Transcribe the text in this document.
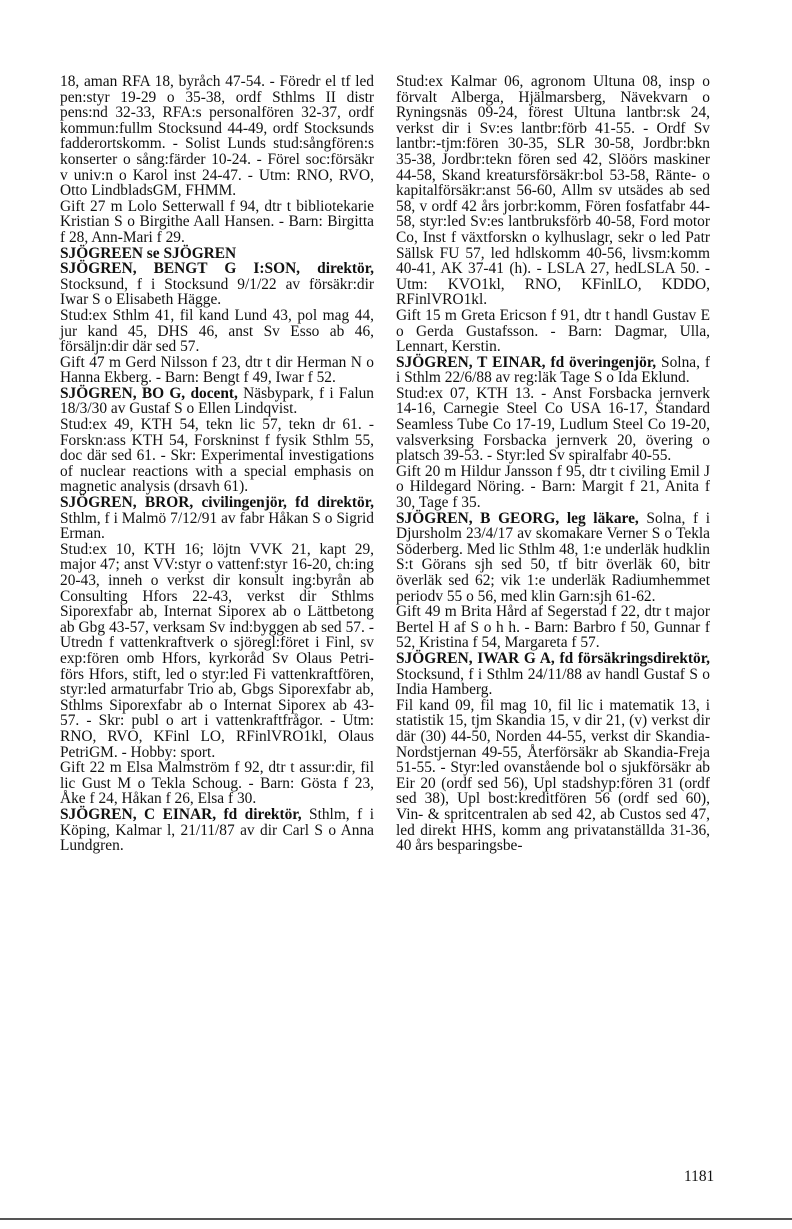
18, aman RFA 18, byråch 47-54. - Föredr el tf led pen:styr 19-29 o 35-38, ordf Sthlms II distr pens:nd 32-33, RFA:s personalfören 32-37, ordf kommun:fullm Stocksund 44-49, ordf Stocksunds fadderortskomm. - Solist Lunds stud:sångfören:s konserter o sång:färder 10-24. - Förel soc:försäkr v univ:n o Karol inst 24-47. - Utm: RNO, RVO, Otto LindbladsGM, FHMM.

Gift 27 m Lolo Setterwall f 94, dtr t bibliotekarie Kristian S o Birgithe Aall Hansen. - Barn: Birgitta f 28, Ann-Mari f 29.

SJÖGREEN se SJÖGREN

SJÖGREN, BENGT G I:SON, direktör, Stocksund, f i Stocksund 9/1/22 av försäkr:dir Iwar S o Elisabeth Hägge.

Stud:ex Sthlm 41, fil kand Lund 43, pol mag 44, jur kand 45, DHS 46, anst Sv Esso ab 46, försäljn:dir där sed 57.

Gift 47 m Gerd Nilsson f 23, dtr t dir Herman N o Hanna Ekberg. - Barn: Bengt f 49, Iwar f 52.

SJÖGREN, BO G, docent, Näsbypark, f i Falun 18/3/30 av Gustaf S o Ellen Lindqvist.

Stud:ex 49, KTH 54, tekn lic 57, tekn dr 61. - Forskn:ass KTH 54, Forskninst f fysik Sthlm 55, doc där sed 61. - Skr: Experimental investigations of nuclear reactions with a special emphasis on magnetic analysis (drsavh 61).

SJÖGREN, BROR, civilingenjör, fd direktör, Sthlm, f i Malmö 7/12/91 av fabr Håkan S o Sigrid Erman.

Stud:ex 10, KTH 16; löjtn VVK 21, kapt 29, major 47; anst VV:styr o vattenf:styr 16-20, ch:ing 20-43, inneh o verkst dir konsult ing:byrån ab Consulting Hfors 22-43, verkst dir Sthlms Siporexfabr ab, Internat Siporex ab o Lättbetong ab Gbg 43-57, verksam Sv ind:byggen ab sed 57. - Utredn f vattenkraftverk o sjöregl:föret i Finl, sv exp:fören omb Hfors, kyrkoråd Sv Olaus Petri-förs Hfors, stift, led o styr:led Fi vattenkraftfören, styr:led armaturfabr Trio ab, Gbgs Siporexfabr ab, Sthlms Siporexfabr ab o Internat Siporex ab 43-57. - Skr: publ o art i vattenkraftfrågor. - Utm: RNO, RVO, KFinl LO, RFinlVRO1kl, Olaus PetriGM. - Hobby: sport.

Gift 22 m Elsa Malmström f 92, dtr t assur:dir, fil lic Gust M o Tekla Schoug. - Barn: Gösta f 23, Åke f 24, Håkan f 26, Elsa f 30.

SJÖGREN, C EINAR, fd direktör, Sthlm, f i Köping, Kalmar l, 21/11/87 av dir Carl S o Anna Lundgren.

Stud:ex Kalmar 06, agronom Ultuna 08, insp o förvalt Alberga, Hjälmarsberg, Nävekvarn o Ryningsnäs 09-24, förest Ultuna lantbr:sk 24, verkst dir i Sv:es lantbr:förb 41-55. - Ordf Sv lantbr:-tjm:fören 30-35, SLR 30-58, Jordbr:bkn 35-38, Jordbr:tekn fören sed 42, Slöörs maskiner 44-58, Skand kreatursförsäkr:bol 53-58, Ränte- o kapitalförsäkr:anst 56-60, Allm sv utsädes ab sed 58, v ordf 42 års jorbr:komm, Fören fosfatfabr 44-58, styr:led Sv:es lantbruksförb 40-58, Ford motor Co, Inst f växtforskn o kylhuslagr, sekr o led Patr Sällsk FU 57, led hdlskomm 40-56, livsm:komm 40-41, AK 37-41 (h). - LSLA 27, hedLSLA 50. - Utm: KVO1kl, RNO, KFinlLO, KDDO, RFinlVRO1kl.

Gift 15 m Greta Ericson f 91, dtr t handl Gustav E o Gerda Gustafsson. - Barn: Dagmar, Ulla, Lennart, Kerstin.

SJÖGREN, T EINAR, fd överingenjör, Solna, f i Sthlm 22/6/88 av reg:läk Tage S o Ida Eklund.

Stud:ex 07, KTH 13. - Anst Forsbacka jernverk 14-16, Carnegie Steel Co USA 16-17, Standard Seamless Tube Co 17-19, Ludlum Steel Co 19-20, valsverksing Forsbacka jernverk 20, övering o platsch 39-53. - Styr:led Sv spiralfabr 40-55.

Gift 20 m Hildur Jansson f 95, dtr t civiling Emil J o Hildegard Nöring. - Barn: Margit f 21, Anita f 30, Tage f 35.

SJÖGREN, B GEORG, leg läkare, Solna, f i Djursholm 23/4/17 av skomakare Verner S o Tekla Söderberg. Med lic Sthlm 48, 1:e underläk hudklin S:t Görans sjh sed 50, tf bitr överläk 60, bitr överläk sed 62; vik 1:e underläk Radiumhemmet periodv 55 o 56, med klin Garn:sjh 61-62.

Gift 49 m Brita Hård af Segerstad f 22, dtr t major Bertel H af S o h h. - Barn: Barbro f 50, Gunnar f 52, Kristina f 54, Margareta f 57.

SJÖGREN, IWAR G A, fd försäkringsdirektör, Stocksund, f i Sthlm 24/11/88 av handl Gustaf S o India Hamberg.

Fil kand 09, fil mag 10, fil lic i matematik 13, i statistik 15, tjm Skandia 15, v dir 21, (v) verkst dir där (30) 44-50, Norden 44-55, verkst dir Skandia-Nordstjernan 49-55, Återförsäkr ab Skandia-Freja 51-55. - Styr:led ovanstående bol o sjukförsäkr ab Eir 20 (ordf sed 56), Upl stadshyp:fören 31 (ordf sed 38), Upl bost:kreditfören 56 (ordf sed 60), Vin- & spritcentralen ab sed 42, ab Custos sed 47, led direkt HHS, komm ang privatanställda 31-36, 40 års besparingsbe-

1181
